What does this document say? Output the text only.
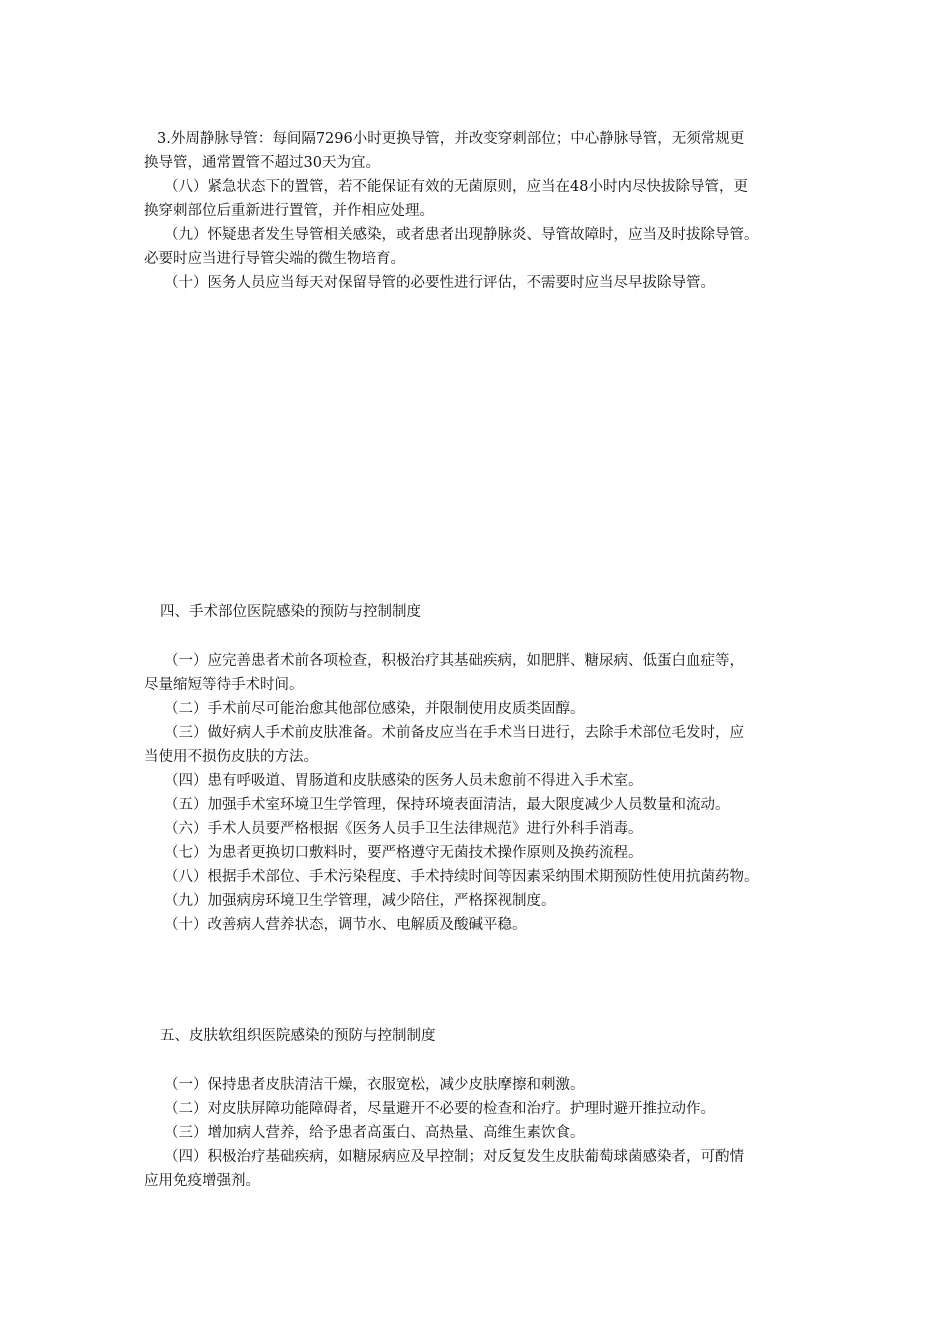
3.外周静脉导管：每间隔7296小时更换导管，并改变穿刺部位；中心静脉导管，无须常规更
换导管，通常置管不超过30天为宜。
（八）紧急状态下的置管，若不能保证有效的无菌原则，应当在48小时内尽快拔除导管，更
换穿刺部位后重新进行置管，并作相应处理。
（九）怀疑患者发生导管相关感染，或者患者出现静脉炎、导管故障时，应当及时拔除导管。
必要时应当进行导管尖端的微生物培育。
（十）医务人员应当每天对保留导管的必要性进行评估，不需要时应当尽早拔除导管。
四、手术部位医院感染的预防与控制制度
（一）应完善患者术前各项检查，积极治疗其基础疾病，如肥胖、糖尿病、低蛋白血症等，
尽量缩短等待手术时间。
（二）手术前尽可能治愈其他部位感染，并限制使用皮质类固醇。
（三）做好病人手术前皮肤准备。术前备皮应当在手术当日进行，去除手术部位毛发时，应
当使用不损伤皮肤的方法。
（四）患有呼吸道、胃肠道和皮肤感染的医务人员未愈前不得进入手术室。
（五）加强手术室环境卫生学管理，保持环境表面清洁，最大限度减少人员数量和流动。
（六）手术人员要严格根据《医务人员手卫生法律规范》进行外科手消毒。
（七）为患者更换切口敷料时，要严格遵守无菌技术操作原则及换药流程。
（八）根据手术部位、手术污染程度、手术持续时间等因素采纳围术期预防性使用抗菌药物。
（九）加强病房环境卫生学管理，减少陪住，严格探视制度。
（十）改善病人营养状态，调节水、电解质及酸碱平稳。
五、皮肤软组织医院感染的预防与控制制度
（一）保持患者皮肤清洁干燥，衣服宽松，减少皮肤摩擦和刺激。
（二）对皮肤屏障功能障碍者，尽量避开不必要的检查和治疗。护理时避开推拉动作。
（三）增加病人营养，给予患者高蛋白、高热量、高维生素饮食。
（四）积极治疗基础疾病，如糖尿病应及早控制；对反复发生皮肤葡萄球菌感染者，可酌情
应用免疫增强剂。
